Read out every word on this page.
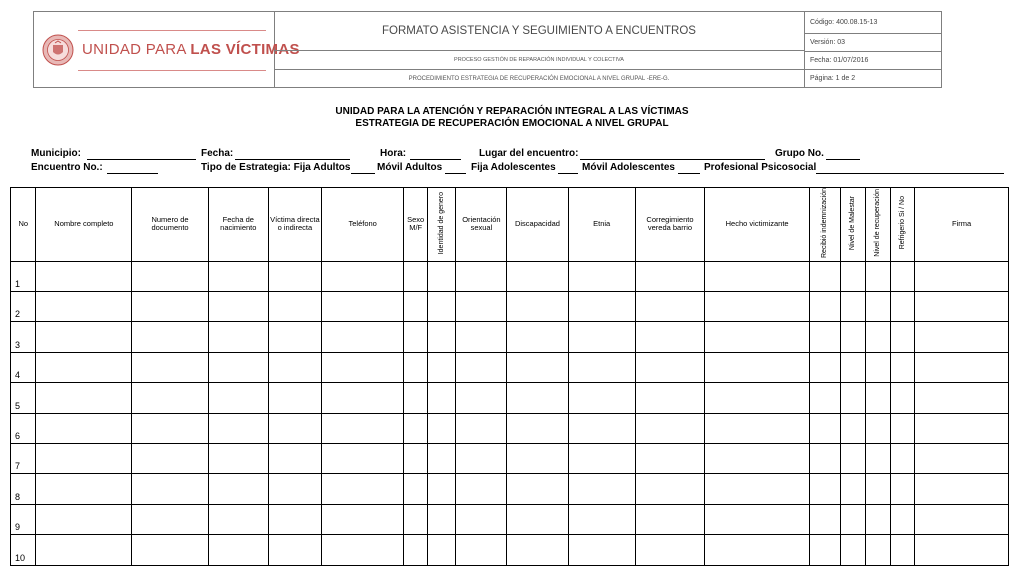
UNIDAD PARA LAS VÍCTIMAS
FORMATO ASISTENCIA Y SEGUIMIENTO A ENCUENTROS
PROCESO GESTIÓN DE REPARACIÓN INDIVIDUAL Y COLECTIVA
PROCEDIMIENTO ESTRATEGIA DE RECUPERACIÓN EMOCIONAL A NIVEL GRUPAL -ERE-G.
Código: 400.08.15-13
Versión: 03
Fecha: 01/07/2016
Página: 1 de 2
UNIDAD PARA LA ATENCIÓN Y REPARACIÓN INTEGRAL A LAS VÍCTIMAS
ESTRATEGIA DE RECUPERACIÓN EMOCIONAL A NIVEL GRUPAL
Municipio:	Fecha:	Hora:	Lugar del encuentro:	Grupo No.
Encuentro No.:	Tipo de Estrategia: Fija Adultos	Móvil Adultos	Fija Adolescentes	Móvil Adolescentes	Profesional Psicosocial
No	Nombre completo	Numero de documento	Fecha de nacimiento	Víctima directa o indirecta	Teléfono	Sexo M/F	Identidad de genero	Orientación sexual	Discapacidad	Etnia	Corregimiento vereda barrio	Hecho victimizante	Recibió indemnización	Nivel de Malestar	Nivel de recuperación	Refrigerio Si / No	Firma
1																	
2																	
3																	
4																	
5																	
6																	
7																	
8																	
9																	
10																	
